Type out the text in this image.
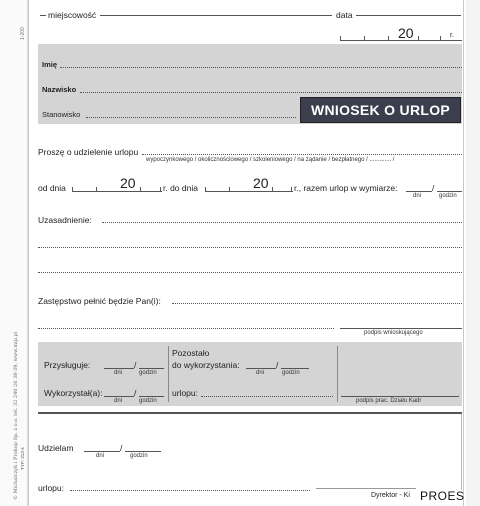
1-200
TYP: 313-4
© Michalczyk i Prokop Sp. z o.o. tel. 32 240 26 38-39, www.mip.pl
miejscowość	data
20	r.
Imię
Nazwisko
Stanowisko	WNIOSEK O URLOP
Proszę o udzielenie urlopu
wypoczynkowego / okolicznościowego / szkoleniowego / na żądanie / bezpłatnego / ............. /
od dnia	20	r. do dnia	20	r., razem urlop w wymiarze:	/
dni	godzin
Uzasadnienie:
Zastępstwo pełnić będzie Pan(i):
podpis wnioskującego
Przysługuje:	/
dni	godzin
Pozostało
do wykorzystania:	/
dni	godzin
Wykorzystał(a):	/
dni	godzin
urlopu:
podpis prac. Działu Kadr
Udzielam	/
dni	godzin
urlopu:
Dyrektor - Ki PROES
